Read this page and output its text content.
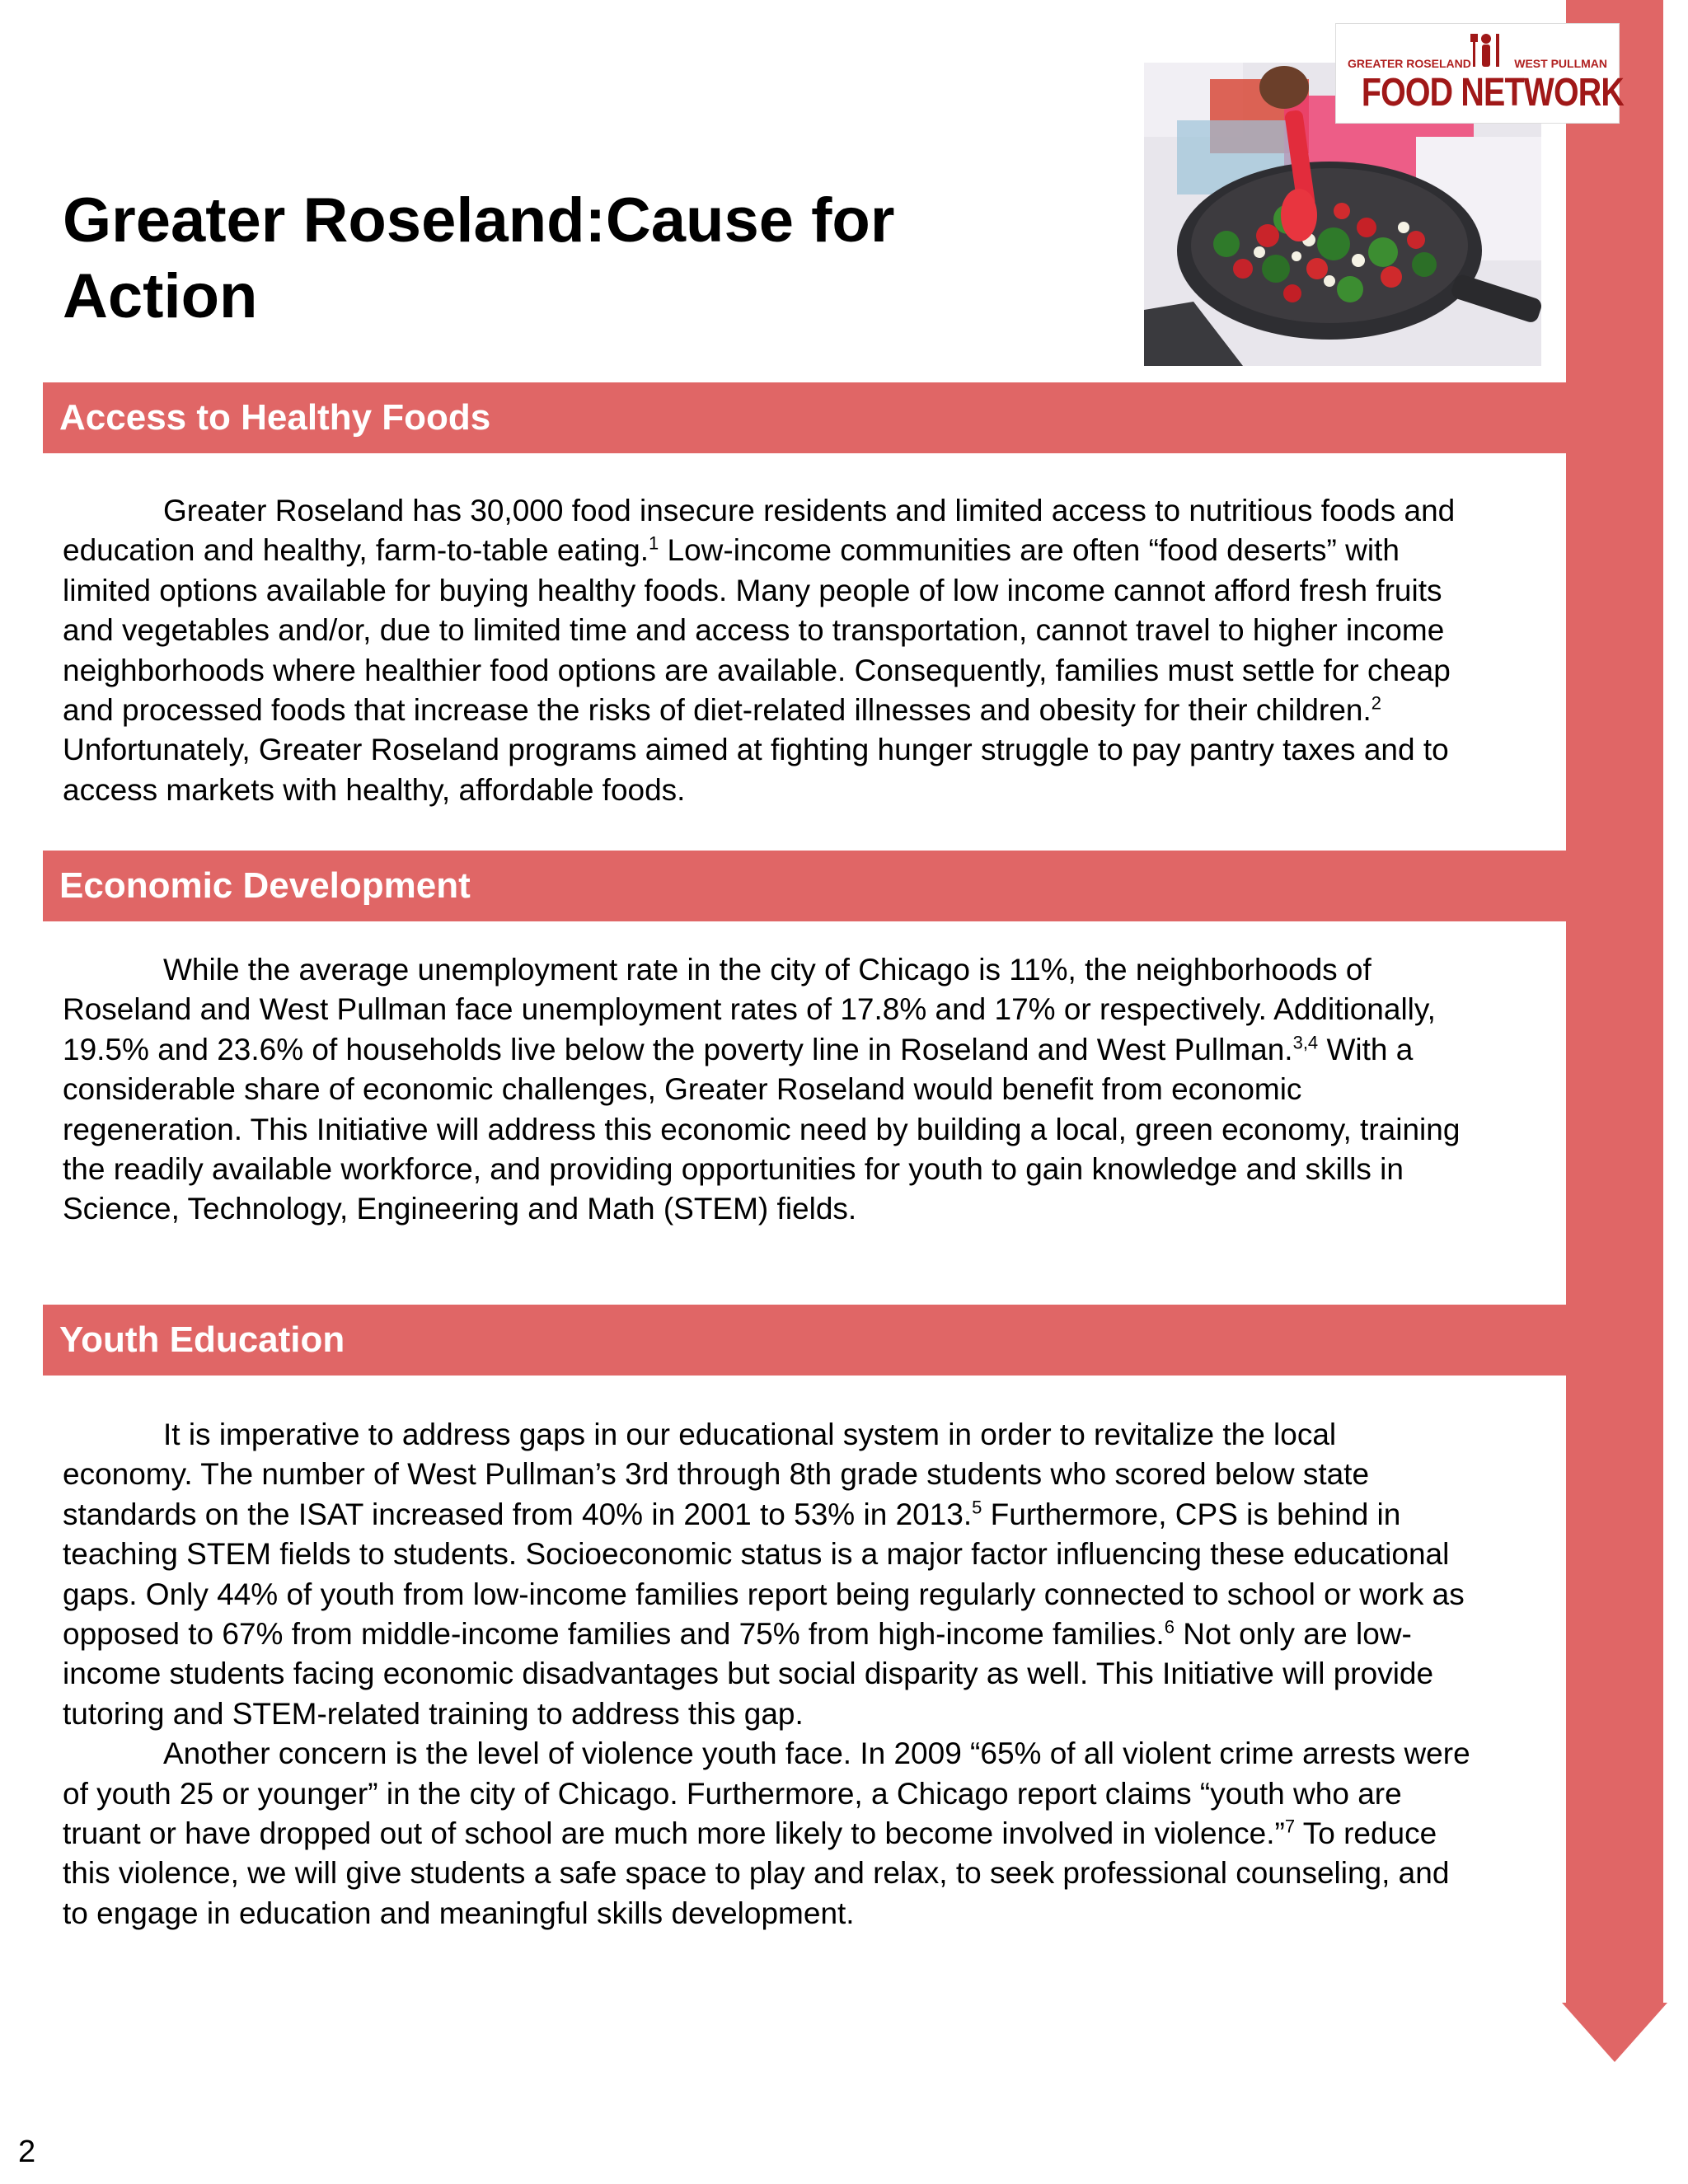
GREATER ROSELAND	WEST PULLMAN
FOOD NETWORK
Greater Roseland:Cause for Action
Access to Healthy Foods

Greater Roseland has 30,000 food insecure residents and limited access to nutritious foods and education and healthy, farm-to-table eating.$^1$ Low-income communities are often “food deserts” with limited options available for buying healthy foods. Many people of low income cannot afford fresh fruits and vegetables and/or, due to limited time and access to transportation, cannot travel to higher income neighborhoods where healthier food options are available. Consequently, families must settle for cheap and processed foods that increase the risks of diet-related illnesses and obesity for their children.$^2$ Unfortunately, Greater Roseland programs aimed at fighting hunger struggle to pay pantry taxes and to access markets with healthy, affordable foods.

Economic Development

While the average unemployment rate in the city of Chicago is 11%, the neighborhoods of Roseland and West Pullman face unemployment rates of 17.8% and 17% or respectively. Additionally, 19.5% and 23.6% of households live below the poverty line in Roseland and West Pullman.$^{3,4}$ With a considerable share of economic challenges, Greater Roseland would benefit from economic regeneration. This Initiative will address this economic need by building a local, green economy, training the readily available workforce, and providing opportunities for youth to gain knowledge and skills in Science, Technology, Engineering and Math (STEM) fields.

Youth Education

It is imperative to address gaps in our educational system in order to revitalize the local economy. The number of West Pullman’s 3rd through 8th grade students who scored below state standards on the ISAT increased from 40% in 2001 to 53% in 2013.$^5$ Furthermore, CPS is behind in teaching STEM fields to students. Socioeconomic status is a major factor influencing these educational gaps. Only 44% of youth from low-income families report being regularly connected to school or work as opposed to 67% from middle-income families and 75% from high-income families.$^6$ Not only are low-income students facing economic disadvantages but social disparity as well. This Initiative will provide tutoring and STEM-related training to address this gap.

Another concern is the level of violence youth face. In 2009 “65% of all violent crime arrests were of youth 25 or younger” in the city of Chicago. Furthermore, a Chicago report claims “youth who are truant or have dropped out of school are much more likely to become involved in violence.”$^7$ To reduce this violence, we will give students a safe space to play and relax, to seek professional counseling, and to engage in education and meaningful skills development.

2
